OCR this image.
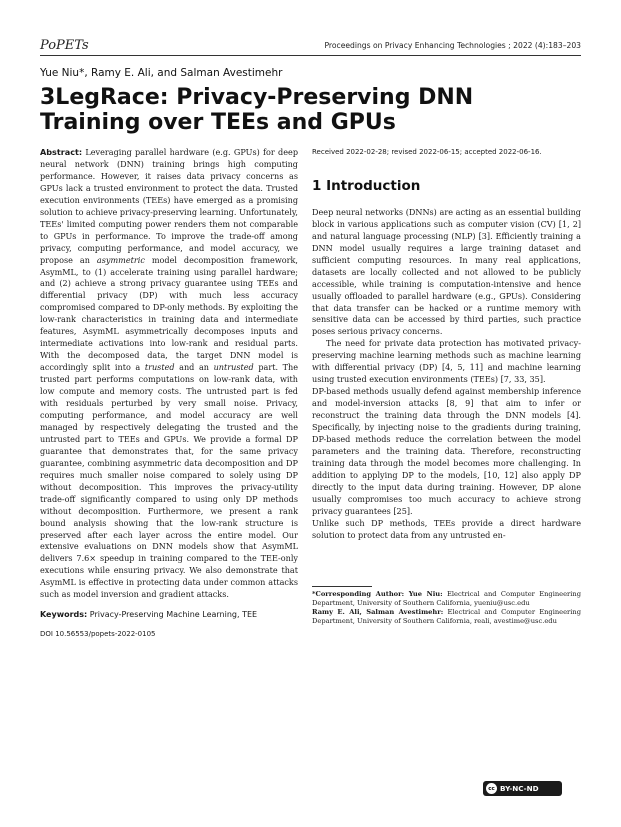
PoPETs	Proceedings on Privacy Enhancing Technologies ; 2022 (4):183–203
Yue Niu*, Ramy E. Ali, and Salman Avestimehr
3LegRace: Privacy-Preserving DNN Training over TEEs and GPUs

Abstract: Leveraging parallel hardware (e.g. GPUs) for deep neural network (DNN) training brings high computing performance. However, it raises data privacy concerns as GPUs lack a trusted environment to protect the data. Trusted execution environments (TEEs) have emerged as a promising solution to achieve privacy-preserving learning. Unfortunately, TEEs' limited computing power renders them not comparable to GPUs in performance. To improve the trade-off among privacy, computing performance, and model accuracy, we propose an asymmetric model decomposition framework, AsymML, to (1) accelerate training using parallel hardware; and (2) achieve a strong privacy guarantee using TEEs and differential privacy (DP) with much less accuracy compromised compared to DP-only methods. By exploiting the low-rank characteristics in training data and intermediate features, AsymML asymmetrically decomposes inputs and intermediate activations into low-rank and residual parts. With the decomposed data, the target DNN model is accordingly split into a trusted and an untrusted part. The trusted part performs computations on low-rank data, with low compute and memory costs. The untrusted part is fed with residuals perturbed by very small noise. Privacy, computing performance, and model accuracy are well managed by respectively delegating the trusted and the untrusted part to TEEs and GPUs. We provide a formal DP guarantee that demonstrates that, for the same privacy guarantee, combining asymmetric data decomposition and DP requires much smaller noise compared to solely using DP without decomposition. This improves the privacy-utility trade-off significantly compared to using only DP methods without decomposition. Furthermore, we present a rank bound analysis showing that the low-rank structure is preserved after each layer across the entire model. Our extensive evaluations on DNN models show that AsymML delivers 7.6× speedup in training compared to the TEE-only executions while ensuring privacy. We also demonstrate that AsymML is effective in protecting data under common attacks such as model inversion and gradient attacks.

Keywords: Privacy-Preserving Machine Learning, TEE
DOI 10.56553/popets-2022-0105
Received 2022-02-28; revised 2022-06-15; accepted 2022-06-16.
1 Introduction

Deep neural networks (DNNs) are acting as an essential building block in various applications such as computer vision (CV) [1, 2] and natural language processing (NLP) [3]. Efficiently training a DNN model usually requires a large training dataset and sufficient computing resources. In many real applications, datasets are locally collected and not allowed to be publicly accessible, while training is computation-intensive and hence usually offloaded to parallel hardware (e.g., GPUs). Considering that data transfer can be hacked or a runtime memory with sensitive data can be accessed by third parties, such practice poses serious privacy concerns.

The need for private data protection has motivated privacy-preserving machine learning methods such as machine learning with differential privacy (DP) [4, 5, 11] and machine learning using trusted execution environments (TEEs) [7, 33, 35].

DP-based methods usually defend against membership inference and model-inversion attacks [8, 9] that aim to infer or reconstruct the training data through the DNN models [4]. Specifically, by injecting noise to the gradients during training, DP-based methods reduce the correlation between the model parameters and the training data. Therefore, reconstructing training data through the model becomes more challenging. In addition to applying DP to the models, [10, 12] also apply DP directly to the input data during training. However, DP alone usually compromises too much accuracy to achieve strong privacy guarantees [25].

Unlike such DP methods, TEEs provide a direct hardware solution to protect data from any untrusted en-

*Corresponding Author: Yue Niu: Electrical and Computer Engineering Department, University of Southern California, yueniu@usc.edu
Ramy E. Ali, Salman Avestimehr: Electrical and Computer Engineering Department, University of Southern California, reali, avestime@usc.edu
cc BY-NC-ND
